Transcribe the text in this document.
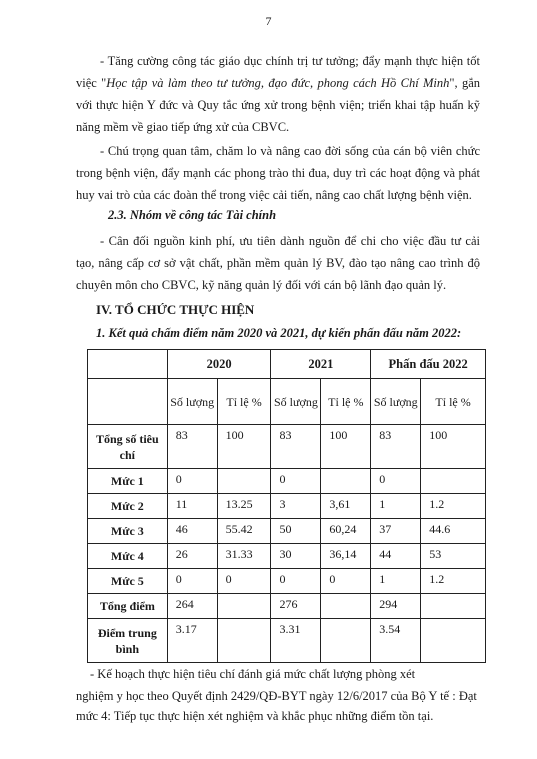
7
- Tăng cường công tác giáo dục chính trị tư tưởng; đẩy mạnh thực hiện tốt việc "Học tập và làm theo tư tưởng, đạo đức, phong cách Hồ Chí Minh", gắn với thực hiện Y đức và Quy tắc ứng xử trong bệnh viện; triển khai tập huấn kỹ năng mềm về giao tiếp ứng xử của CBVC.
- Chú trọng quan tâm, chăm lo và nâng cao đời sống của cán bộ viên chức trong bệnh viện, đẩy mạnh các phong trào thi đua, duy trì các hoạt động và phát huy vai trò của các đoàn thể trong việc cải tiến, nâng cao chất lượng bệnh viện.
2.3. Nhóm về công tác Tài chính
- Cân đối nguồn kinh phí, ưu tiên dành nguồn để chi cho việc đầu tư cải tạo, nâng cấp cơ sở vật chất, phần mềm quản lý BV, đào tạo nâng cao trình độ chuyên môn cho CBVC, kỹ năng quản lý đối với cán bộ lãnh đạo quản lý.
IV. TỔ CHỨC THỰC HIỆN
1. Kết quả chấm điểm năm 2020 và 2021, dự kiến phấn đấu năm 2022:
	2020		2021		Phấn đấu 2022	
	Số lượng	Tỉ lệ %	Số lượng	Tỉ lệ %	Số lượng	Tỉ lệ %
Tổng số tiêu chí	83	100	83	100	83	100
Mức 1	0		0		0	
Mức 2	11	13.25	3	3,61	1	1.2
Mức 3	46	55.42	50	60,24	37	44.6
Mức 4	26	31.33	30	36,14	44	53
Mức 5	0	0	0	0	1	1.2
Tổng điểm	264		276		294	
Điểm trung bình	3.17		3.31		3.54	
- Kế hoạch thực hiện tiêu chí đánh giá mức chất lượng phòng xét
nghiệm y học theo Quyết định 2429/QĐ-BYT ngày 12/6/2017 của Bộ Y tế : Đạt
mức 4: Tiếp tục thực hiện xét nghiệm và khắc phục những điểm tồn tại.
